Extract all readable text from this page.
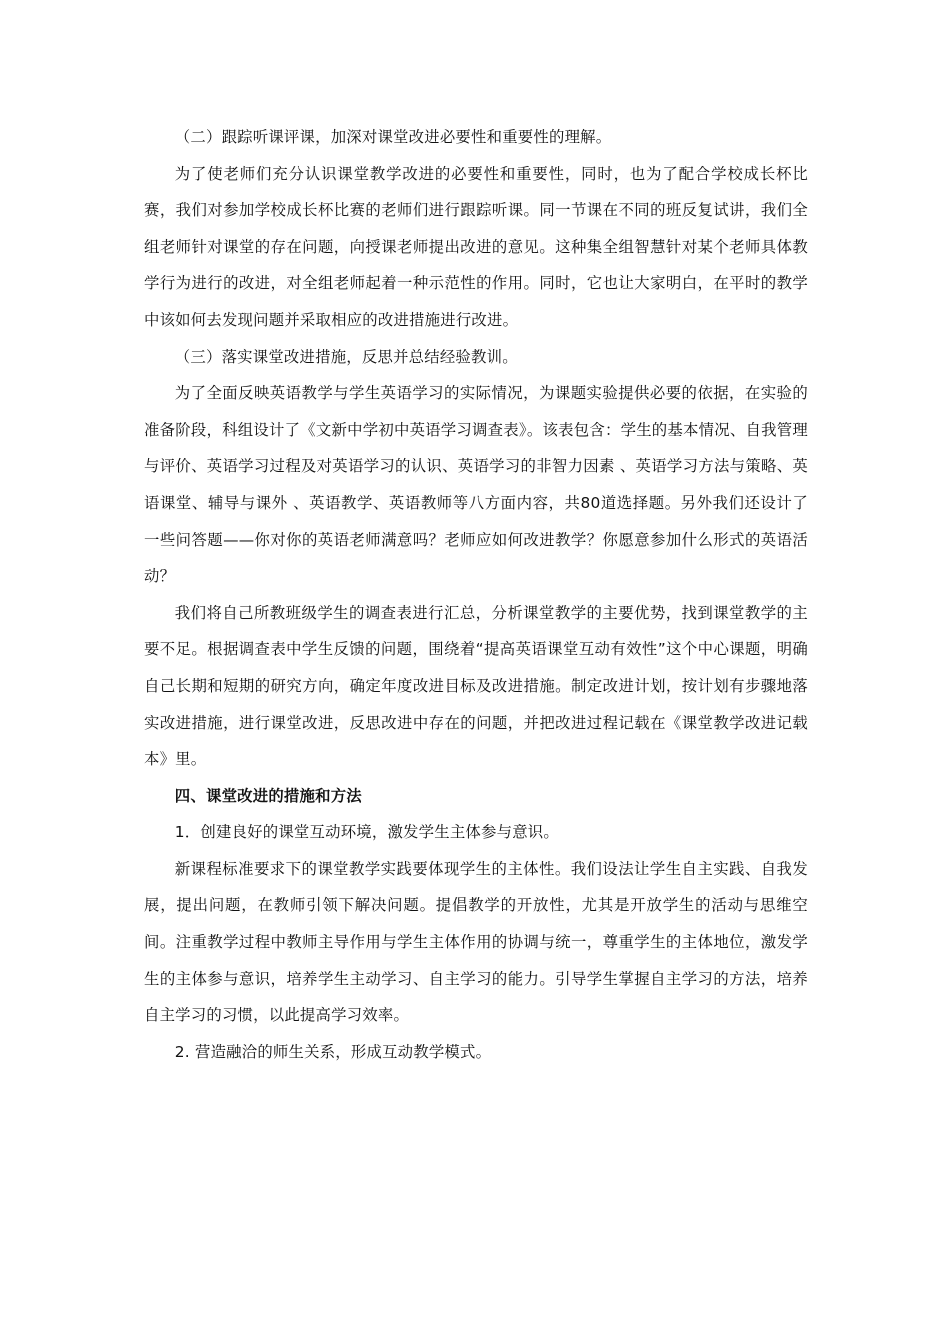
（二）跟踪听课评课，加深对课堂改进必要性和重要性的理解。

为了使老师们充分认识课堂教学改进的必要性和重要性，同时，也为了配合学校成长杯比赛，我们对参加学校成长杯比赛的老师们进行跟踪听课。同一节课在不同的班反复试讲，我们全组老师针对课堂的存在问题，向授课老师提出改进的意见。这种集全组智慧针对某个老师具体教学行为进行的改进，对全组老师起着一种示范性的作用。同时，它也让大家明白，在平时的教学中该如何去发现问题并采取相应的改进措施进行改进。

（三）落实课堂改进措施，反思并总结经验教训。

为了全面反映英语教学与学生英语学习的实际情况，为课题实验提供必要的依据，在实验的准备阶段，科组设计了《文新中学初中英语学习调查表》。该表包含：学生的基本情况、自我管理与评价、英语学习过程及对英语学习的认识、英语学习的非智力因素 、英语学习方法与策略、英语课堂、辅导与课外 、英语教学、英语教师等八方面内容，共80道选择题。另外我们还设计了一些问答题——你对你的英语老师满意吗？老师应如何改进教学？你愿意参加什么形式的英语活动？

我们将自己所教班级学生的调查表进行汇总，分析课堂教学的主要优势，找到课堂教学的主要不足。根据调查表中学生反馈的问题，围绕着“提高英语课堂互动有效性”这个中心课题，明确自己长期和短期的研究方向，确定年度改进目标及改进措施。制定改进计划，按计划有步骤地落实改进措施，进行课堂改进，反思改进中存在的问题，并把改进过程记载在《课堂教学改进记载本》里。

四、课堂改进的措施和方法

1．创建良好的课堂互动环境，激发学生主体参与意识。

新课程标准要求下的课堂教学实践要体现学生的主体性。我们设法让学生自主实践、自我发展，提出问题，在教师引领下解决问题。提倡教学的开放性，尤其是开放学生的活动与思维空间。注重教学过程中教师主导作用与学生主体作用的协调与统一，尊重学生的主体地位，激发学生的主体参与意识，培养学生主动学习、自主学习的能力。引导学生掌握自主学习的方法，培养自主学习的习惯，以此提高学习效率。

2. 营造融洽的师生关系，形成互动教学模式。
